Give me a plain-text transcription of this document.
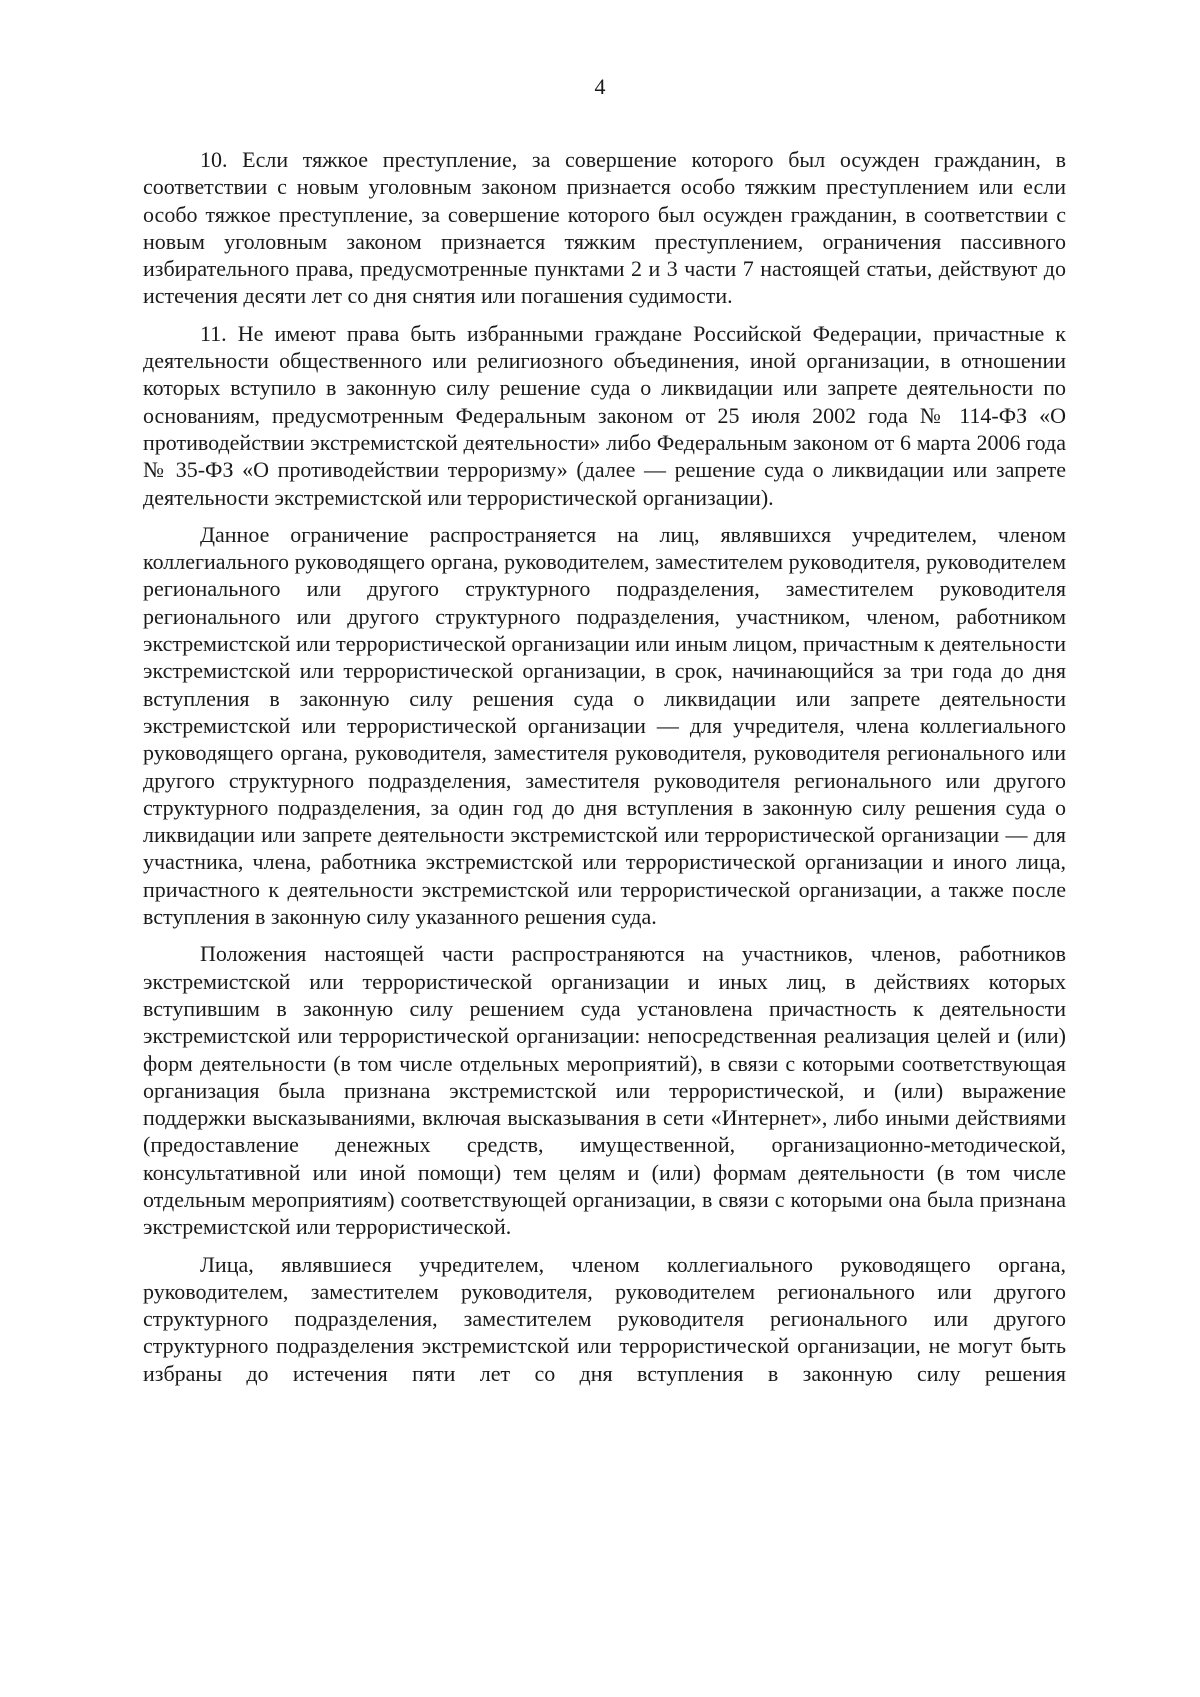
4

10. Если тяжкое преступление, за совершение которого был осужден гражданин, в соответствии с новым уголовным законом признается особо тяжким преступлением или если особо тяжкое преступление, за совершение которого был осужден гражданин, в соответствии с новым уголовным законом признается тяжким преступлением, ограничения пассивного избирательного права, предусмотренные пунктами 2 и 3 части 7 настоящей статьи, действуют до истечения десяти лет со дня снятия или погашения судимости.

11. Не имеют права быть избранными граждане Российской Федерации, причастные к деятельности общественного или религиозного объединения, иной организации, в отношении которых вступило в законную силу решение суда о ликвидации или запрете деятельности по основаниям, предусмотренным Федеральным законом от 25 июля 2002 года № 114-ФЗ «О противодействии экстремистской деятельности» либо Федеральным законом от 6 марта 2006 года № 35-ФЗ «О противодействии терроризму» (далее — решение суда о ликвидации или запрете деятельности экстремистской или террористической организации).

Данное ограничение распространяется на лиц, являвшихся учредителем, членом коллегиального руководящего органа, руководителем, заместителем руководителя, руководителем регионального или другого структурного подразделения, заместителем руководителя регионального или другого структурного подразделения, участником, членом, работником экстремистской или террористической организации или иным лицом, причастным к деятельности экстремистской или террористической организации, в срок, начинающийся за три года до дня вступления в законную силу решения суда о ликвидации или запрете деятельности экстремистской или террористической организации — для учредителя, члена коллегиального руководящего органа, руководителя, заместителя руководителя, руководителя регионального или другого структурного подразделения, заместителя руководителя регионального или другого структурного подразделения, за один год до дня вступления в законную силу решения суда о ликвидации или запрете деятельности экстремистской или террористической организации — для участника, члена, работника экстремистской или террористической организации и иного лица, причастного к деятельности экстремистской или террористической организации, а также после вступления в законную силу указанного решения суда.

Положения настоящей части распространяются на участников, членов, работников экстремистской или террористической организации и иных лиц, в действиях которых вступившим в законную силу решением суда установлена причастность к деятельности экстремистской или террористической организации: непосредственная реализация целей и (или) форм деятельности (в том числе отдельных мероприятий), в связи с которыми соответствующая организация была признана экстремистской или террористической, и (или) выражение поддержки высказываниями, включая высказывания в сети «Интернет», либо иными действиями (предоставление денежных средств, имущественной, организационно-методической, консультативной или иной помощи) тем целям и (или) формам деятельности (в том числе отдельным мероприятиям) соответствующей организации, в связи с которыми она была признана экстремистской или террористической.

Лица, являвшиеся учредителем, членом коллегиального руководящего органа, руководителем, заместителем руководителя, руководителем регионального или другого структурного подразделения, заместителем руководителя регионального или другого структурного подразделения экстремистской или террористической организации, не могут быть избраны до истечения пяти лет со дня вступления в законную силу решения
